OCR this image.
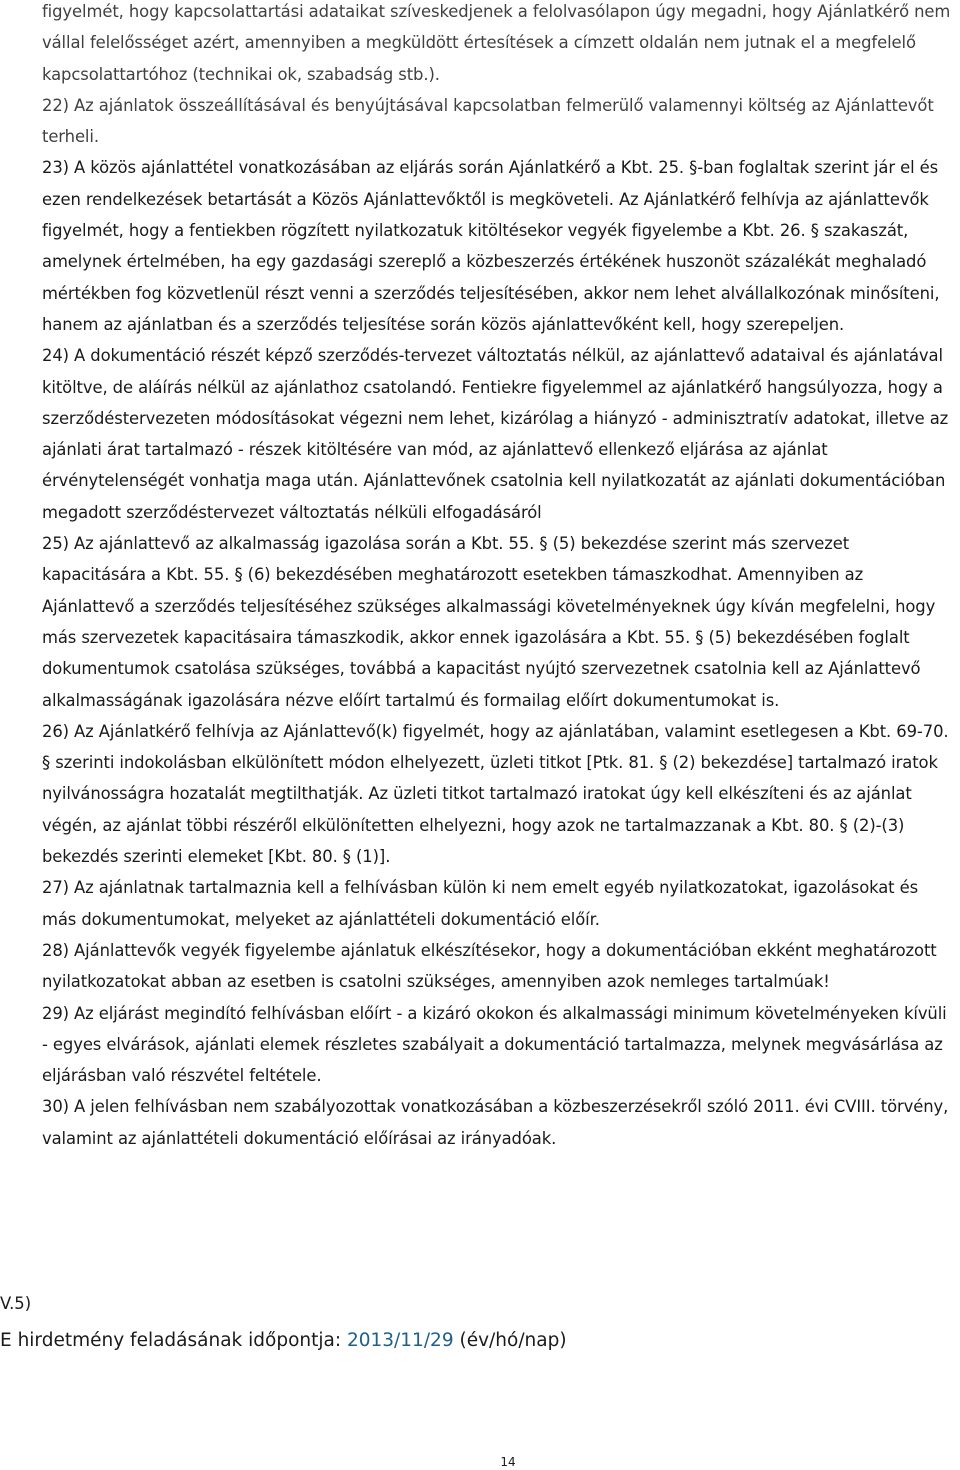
figyelmét, hogy kapcsolattartási adataikat szíveskedjenek a felolvasólapon úgy megadni, hogy Ajánlatkérő nem vállal felelősséget azért, amennyiben a megküldött értesítések a címzett oldalán nem jutnak el a megfelelő kapcsolattartóhoz (technikai ok, szabadság stb.).

22) Az ajánlatok összeállításával és benyújtásával kapcsolatban felmerülő valamennyi költség az Ajánlattevőt terheli.

23) A közös ajánlattétel vonatkozásában az eljárás során Ajánlatkérő a Kbt. 25. §-ban foglaltak szerint jár el és ezen rendelkezések betartását a Közös Ajánlattevőktől is megköveteli. Az Ajánlatkérő felhívja az ajánlattevők figyelmét, hogy a fentiekben rögzített nyilatkozatuk kitöltésekor vegyék figyelembe a Kbt. 26. § szakaszát, amelynek értelmében, ha egy gazdasági szereplő a közbeszerzés értékének huszonöt százalékát meghaladó mértékben fog közvetlenül részt venni a szerződés teljesítésében, akkor nem lehet alvállalkozónak minősíteni, hanem az ajánlatban és a szerződés teljesítése során közös ajánlattevőként kell, hogy szerepeljen.

24) A dokumentáció részét képző szerződés-tervezet változtatás nélkül, az ajánlattevő adataival és ajánlatával kitöltve, de aláírás nélkül az ajánlathoz csatolandó. Fentiekre figyelemmel az ajánlatkérő hangsúlyozza, hogy a szerződéstervezeten módosításokat végezni nem lehet, kizárólag a hiányzó - adminisztratív adatokat, illetve az ajánlati árat tartalmazó - részek kitöltésére van mód, az ajánlattevő ellenkező eljárása az ajánlat érvénytelenségét vonhatja maga után. Ajánlattevőnek csatolnia kell nyilatkozatát az ajánlati dokumentációban megadott szerződéstervezet változtatás nélküli elfogadásáról

25) Az ajánlattevő az alkalmasság igazolása során a Kbt. 55. § (5) bekezdése szerint más szervezet kapacitására a Kbt. 55. § (6) bekezdésében meghatározott esetekben támaszkodhat. Amennyiben az Ajánlattevő a szerződés teljesítéséhez szükséges alkalmassági követelményeknek úgy kíván megfelelni, hogy más szervezetek kapacitásaira támaszkodik, akkor ennek igazolására a Kbt. 55. § (5) bekezdésében foglalt dokumentumok csatolása szükséges, továbbá a kapacitást nyújtó szervezetnek csatolnia kell az Ajánlattevő alkalmasságának igazolására nézve előírt tartalmú és formailag előírt dokumentumokat is.

26) Az Ajánlatkérő felhívja az Ajánlattevő(k) figyelmét, hogy az ajánlatában, valamint esetlegesen a Kbt. 69-70. § szerinti indokolásban elkülönített módon elhelyezett, üzleti titkot [Ptk. 81. § (2) bekezdése] tartalmazó iratok nyilvánosságra hozatalát megtilthatják. Az üzleti titkot tartalmazó iratokat úgy kell elkészíteni és az ajánlat végén, az ajánlat többi részéről elkülönítetten elhelyezni, hogy azok ne tartalmazzanak a Kbt. 80. § (2)-(3) bekezdés szerinti elemeket [Kbt. 80. § (1)].

27) Az ajánlatnak tartalmaznia kell a felhívásban külön ki nem emelt egyéb nyilatkozatokat, igazolásokat és más dokumentumokat, melyeket az ajánlattételi dokumentáció előír.

28) Ajánlattevők vegyék figyelembe ajánlatuk elkészítésekor, hogy a dokumentációban ekként meghatározott nyilatkozatokat abban az esetben is csatolni szükséges, amennyiben azok nemleges tartalmúak!

29) Az eljárást megindító felhívásban előírt - a kizáró okokon és alkalmassági minimum követelményeken kívüli - egyes elvárások, ajánlati elemek részletes szabályait a dokumentáció tartalmazza, melynek megvásárlása az eljárásban való részvétel feltétele.

30) A jelen felhívásban nem szabályozottak vonatkozásában a közbeszerzésekről szóló 2011. évi CVIII. törvény, valamint az ajánlattételi dokumentáció előírásai az irányadóak.

V.5)
E hirdetmény feladásának időpontja: 2013/11/29 (év/hó/nap)
14
